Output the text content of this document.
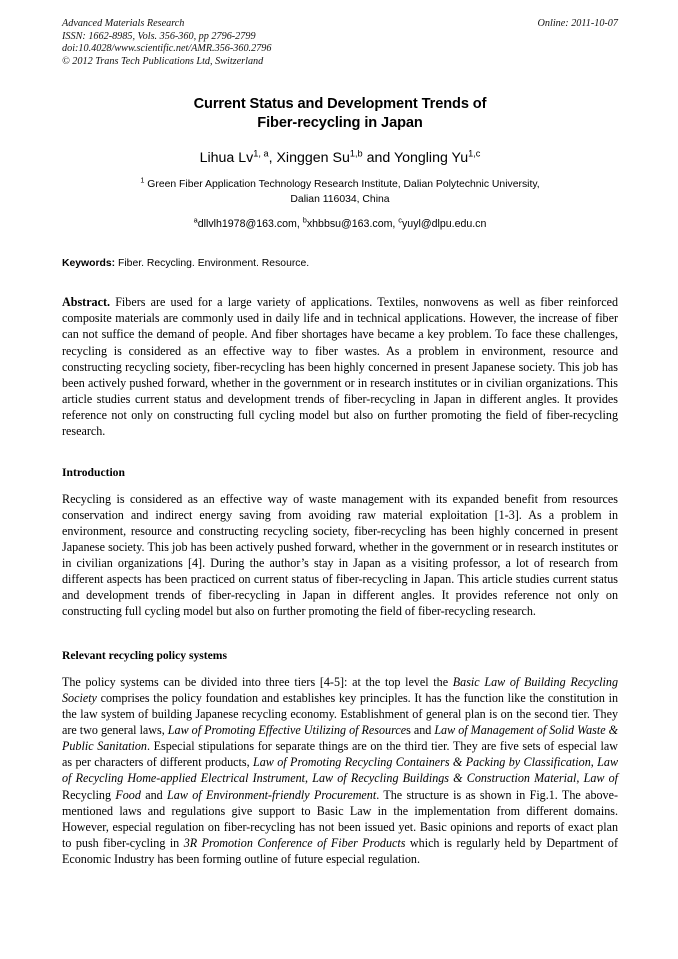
Advanced Materials Research
ISSN: 1662-8985, Vols. 356-360, pp 2796-2799
doi:10.4028/www.scientific.net/AMR.356-360.2796
© 2012 Trans Tech Publications Ltd, Switzerland
Online: 2011-10-07
Current Status and Development Trends of
Fiber-recycling in Japan
Lihua Lv$^{1, a}$, Xinggen Su$^{1,b}$ and Yongling Yu$^{1,c}$
$^1$ Green Fiber Application Technology Research Institute, Dalian Polytechnic University,
Dalian 116034, China
$^a$dllvlh1978@163.com, $^b$xhbbsu@163.com, $^c$yuyl@dlpu.edu.cn
Keywords: Fiber. Recycling. Environment. Resource.
Abstract. Fibers are used for a large variety of applications. Textiles, nonwovens as well as fiber reinforced composite materials are commonly used in daily life and in technical applications. However, the increase of fiber can not suffice the demand of people. And fiber shortages have became a key problem. To face these challenges, recycling is considered as an effective way to fiber wastes. As a problem in environment, resource and constructing recycling society, fiber-recycling has been highly concerned in present Japanese society. This job has been actively pushed forward, whether in the government or in research institutes or in civilian organizations. This article studies current status and development trends of fiber-recycling in Japan in different angles. It provides reference not only on constructing full cycling model but also on further promoting the field of fiber-recycling research.
Introduction
Recycling is considered as an effective way of waste management with its expanded benefit from resources conservation and indirect energy saving from avoiding raw material exploitation [1-3]. As a problem in environment, resource and constructing recycling society, fiber-recycling has been highly concerned in present Japanese society. This job has been actively pushed forward, whether in the government or in research institutes or in civilian organizations [4]. During the author’s stay in Japan as a visiting professor, a lot of research from different aspects has been practiced on current status of fiber-recycling in Japan. This article studies current status and development trends of fiber-recycling in Japan in different angles. It provides reference not only on constructing full cycling model but also on further promoting the field of fiber-recycling research.
Relevant recycling policy systems
The policy systems can be divided into three tiers [4-5]: at the top level the Basic Law of Building Recycling Society comprises the policy foundation and establishes key principles. It has the function like the constitution in the law system of building Japanese recycling economy. Establishment of general plan is on the second tier. They are two general laws, Law of Promoting Effective Utilizing of Resources and Law of Management of Solid Waste & Public Sanitation. Especial stipulations for separate things are on the third tier. They are five sets of especial law as per characters of different products, Law of Promoting Recycling Containers & Packing by Classification, Law of Recycling Home-applied Electrical Instrument, Law of Recycling Buildings & Construction Material, Law of Recycling Food and Law of Environment-friendly Procurement. The structure is as shown in Fig.1. The above-mentioned laws and regulations give support to Basic Law in the implementation from different domains. However, especial regulation on fiber-recycling has not been issued yet. Basic opinions and reports of exact plan to push fiber-cycling in 3R Promotion Conference of Fiber Products which is regularly held by Department of Economic Industry has been forming outline of future especial regulation.
